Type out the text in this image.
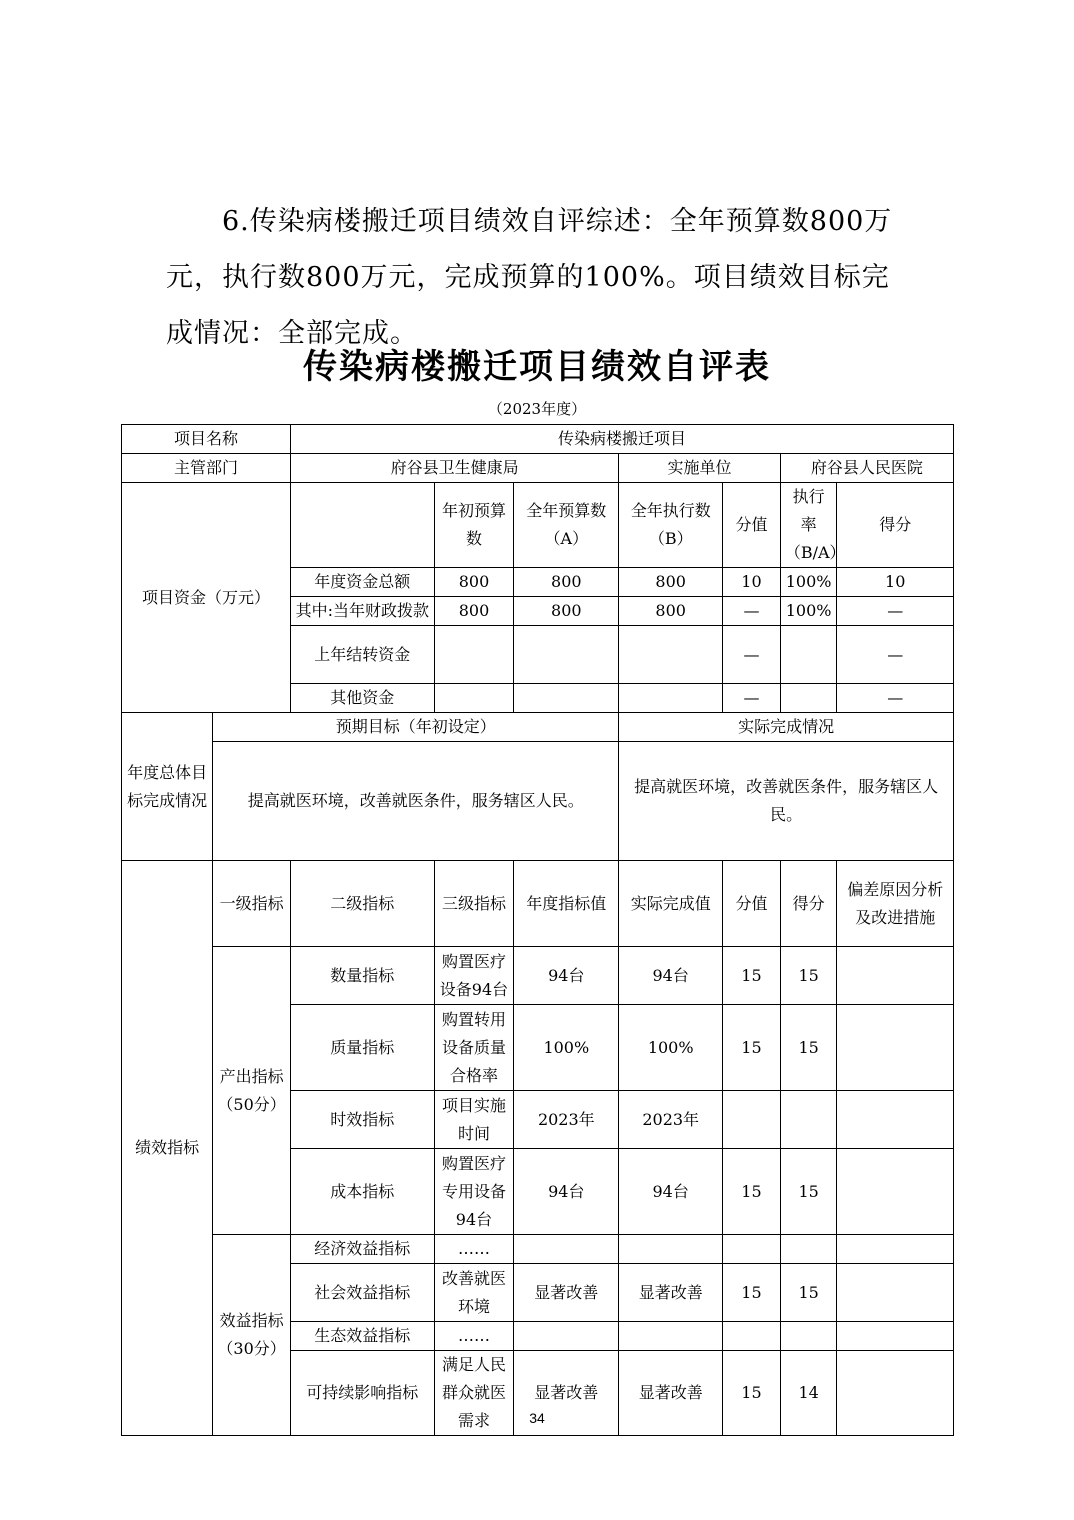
6.传染病楼搬迁项目绩效自评综述：全年预算数800万元，执行数800万元，完成预算的100%。项目绩效目标完成情况：全部完成。

传染病楼搬迁项目绩效自评表
（2023年度）
项目名称		传染病楼搬迁项目						
主管部门		府谷县卫生健康局			实施单位		府谷县人民医院	
项目资金（万元）			年初预算数	全年预算数（A）	全年执行数（B）	分值	执行率（B/A）	得分
		年度资金总额	800	800	800	10	100%	10
		其中:当年财政拨款	800	800	800	—	100%	—
		上年结转资金				—		—
		其他资金				—		—
年度总体目标完成情况	预期目标（年初设定）				实际完成情况			
	提高就医环境，改善就医条件，服务辖区人民。				提高就医环境，改善就医条件，服务辖区人民。			
绩效指标	一级指标	二级指标	三级指标	年度指标值	实际完成值	分值	得分	偏差原因分析及改进措施
	产出指标（50分）	数量指标	购置医疗设备94台	94台	94台	15	15	
		质量指标	购置转用设备质量合格率	100%	100%	15	15	
		时效指标	项目实施时间	2023年	2023年			
		成本指标	购置医疗专用设备94台	94台	94台	15	15	
	效益指标（30分）	经济效益指标	……					
		社会效益指标	改善就医环境	显著改善	显著改善	15	15	
		生态效益指标	……					
		可持续影响指标	满足人民群众就医需求	显著改善	显著改善	15	14	
34
